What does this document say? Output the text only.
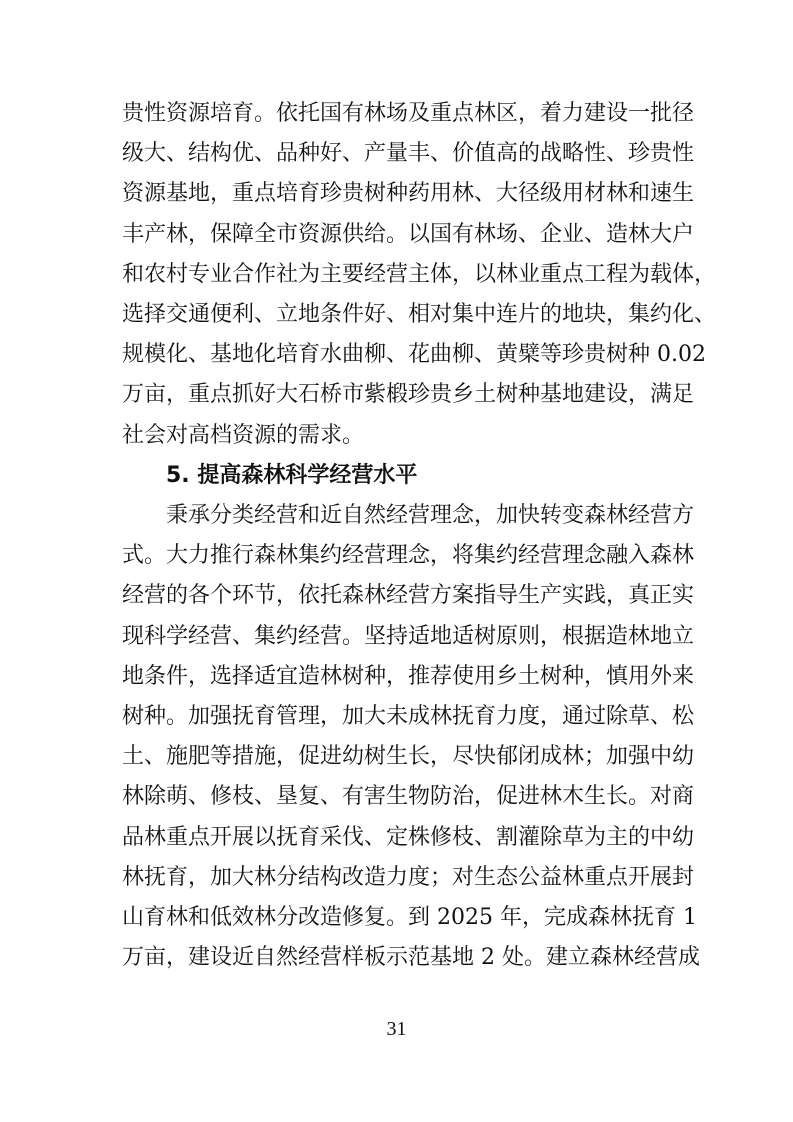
贵性资源培育。依托国有林场及重点林区，着力建设一批径
级大、结构优、品种好、产量丰、价值高的战略性、珍贵性
资源基地，重点培育珍贵树种药用林、大径级用材林和速生
丰产林，保障全市资源供给。以国有林场、企业、造林大户
和农村专业合作社为主要经营主体，以林业重点工程为载体，
选择交通便利、立地条件好、相对集中连片的地块，集约化、
规模化、基地化培育水曲柳、花曲柳、黄檗等珍贵树种 0.02
万亩，重点抓好大石桥市紫椴珍贵乡土树种基地建设，满足
社会对高档资源的需求。
5. 提高森林科学经营水平
秉承分类经营和近自然经营理念，加快转变森林经营方
式。大力推行森林集约经营理念，将集约经营理念融入森林
经营的各个环节，依托森林经营方案指导生产实践，真正实
现科学经营、集约经营。坚持适地适树原则，根据造林地立
地条件，选择适宜造林树种，推荐使用乡土树种，慎用外来
树种。加强抚育管理，加大未成林抚育力度，通过除草、松
土、施肥等措施，促进幼树生长，尽快郁闭成林；加强中幼
林除萌、修枝、垦复、有害生物防治，促进林木生长。对商
品林重点开展以抚育采伐、定株修枝、割灌除草为主的中幼
林抚育，加大林分结构改造力度；对生态公益林重点开展封
山育林和低效林分改造修复。到 2025 年，完成森林抚育 1
万亩，建设近自然经营样板示范基地 2 处。建立森林经营成
31
